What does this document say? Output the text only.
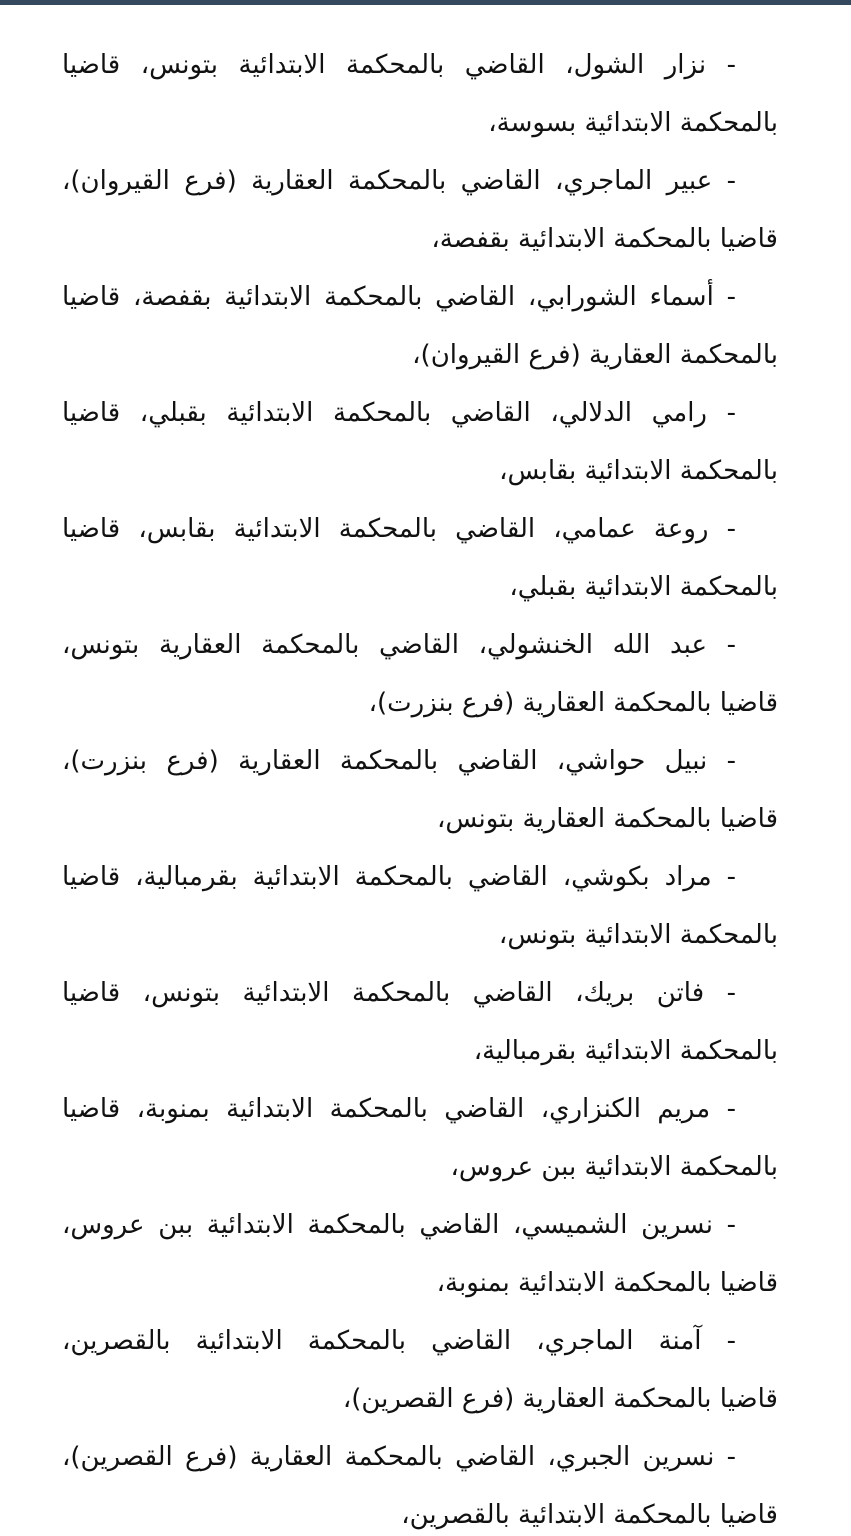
- نزار الشول، القاضي بالمحكمة الابتدائية بتونس، قاضيا
بالمحكمة الابتدائية بسوسة،
- عبير الماجري، القاضي بالمحكمة العقارية (فرع القيروان)،
قاضيا بالمحكمة الابتدائية بقفصة،
- أسماء الشورابي، القاضي بالمحكمة الابتدائية بقفصة، قاضيا
بالمحكمة العقارية (فرع القيروان)،
- رامي الدلالي، القاضي بالمحكمة الابتدائية بقبلي، قاضيا
بالمحكمة الابتدائية بقابس،
- روعة عمامي، القاضي بالمحكمة الابتدائية بقابس، قاضيا
بالمحكمة الابتدائية بقبلي،
- عبد الله الخنشولي، القاضي بالمحكمة العقارية بتونس،
قاضيا بالمحكمة العقارية (فرع بنزرت)،
- نبيل حواشي، القاضي بالمحكمة العقارية (فرع بنزرت)،
قاضيا بالمحكمة العقارية بتونس،
- مراد بكوشي، القاضي بالمحكمة الابتدائية بقرمبالية، قاضيا
بالمحكمة الابتدائية بتونس،
- فاتن بريك، القاضي بالمحكمة الابتدائية بتونس، قاضيا
بالمحكمة الابتدائية بقرمبالية،
- مريم الكنزاري، القاضي بالمحكمة الابتدائية بمنوبة، قاضيا
بالمحكمة الابتدائية ببن عروس،
- نسرين الشميسي، القاضي بالمحكمة الابتدائية ببن عروس،
قاضيا بالمحكمة الابتدائية بمنوبة،
- آمنة الماجري، القاضي بالمحكمة الابتدائية بالقصرين،
قاضيا بالمحكمة العقارية (فرع القصرين)،
- نسرين الجبري، القاضي بالمحكمة العقارية (فرع القصرين)،
قاضيا بالمحكمة الابتدائية بالقصرين،
